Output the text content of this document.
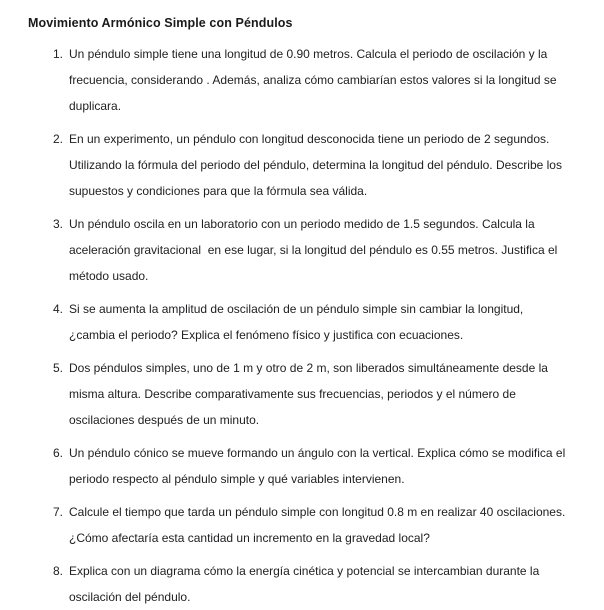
Movimiento Armónico Simple con Péndulos
Un péndulo simple tiene una longitud de 0.90 metros. Calcula el periodo de oscilación y la frecuencia, considerando . Además, analiza cómo cambiarían estos valores si la longitud se duplicara.
En un experimento, un péndulo con longitud desconocida tiene un periodo de 2 segundos. Utilizando la fórmula del periodo del péndulo, determina la longitud del péndulo. Describe los supuestos y condiciones para que la fórmula sea válida.
Un péndulo oscila en un laboratorio con un periodo medido de 1.5 segundos. Calcula la aceleración gravitacional  en ese lugar, si la longitud del péndulo es 0.55 metros. Justifica el método usado.
Si se aumenta la amplitud de oscilación de un péndulo simple sin cambiar la longitud, ¿cambia el periodo? Explica el fenómeno físico y justifica con ecuaciones.
Dos péndulos simples, uno de 1 m y otro de 2 m, son liberados simultáneamente desde la misma altura. Describe comparativamente sus frecuencias, periodos y el número de oscilaciones después de un minuto.
Un péndulo cónico se mueve formando un ángulo con la vertical. Explica cómo se modifica el periodo respecto al péndulo simple y qué variables intervienen.
Calcule el tiempo que tarda un péndulo simple con longitud 0.8 m en realizar 40 oscilaciones. ¿Cómo afectaría esta cantidad un incremento en la gravedad local?
Explica con un diagrama cómo la energía cinética y potencial se intercambian durante la oscilación del péndulo.
